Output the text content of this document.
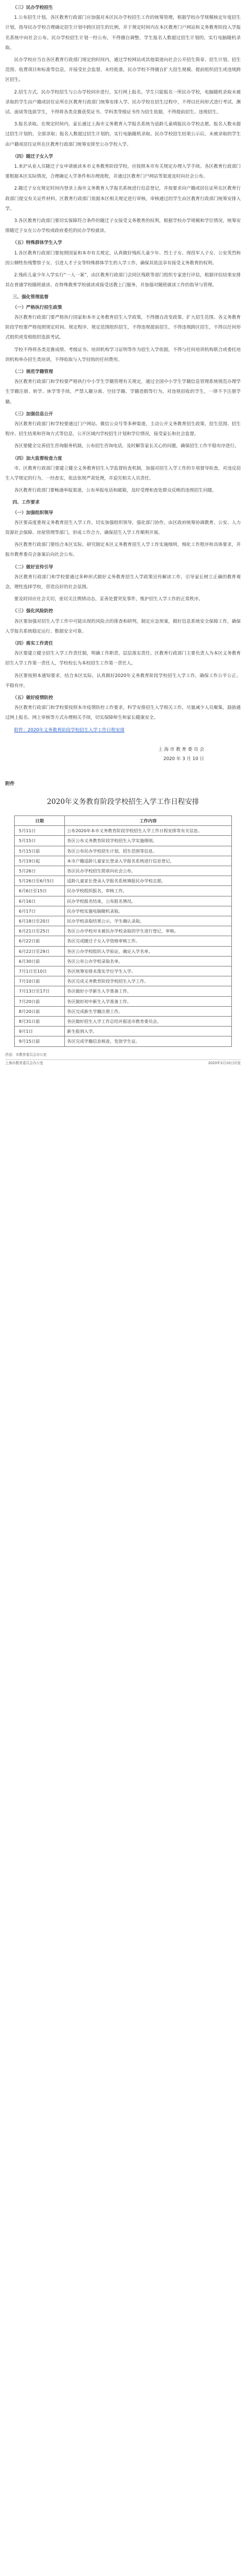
（三）民办学校招生

1.公布招生计划。各区教育行政部门应加强对本区民办学校招生工作的统筹管理，根据学校办学规模核定年度招生计划，指导民办学校合理确定招生计划中跨区招生的比例，并于规定时间内在本区教育门户网站和义务教育阶段入学报名系统中向社会公布。民办学校招生计划一经公布，不得擅自调整。学生报名人数超过招生计划的，实行电脑随机录取。

民办学校应当在各区教育行政部门规定的时间内，通过学校网站或其他渠道向社会公开招生简章、招生计划、招生范围、收费项目和标准等信息，并接受社会监督。未经批准，民办学校不得擅自扩大招生规模、提前组织招生或违规跨区招生。

2.招生方式。民办学校招生与公办学校同步进行，实行网上报名。学生只能报名一所民办学校，电脑随机录取未被录取的学生由户籍或居住证所在区教育行政部门统筹安排入学。民办学校在招生过程中，不得以任何形式进行考试、测试、面谈等选拔学生，不得将各类竞赛获奖证书、学科类等级证书作为招生依据，不得提前招生、违规招生。

3.报名录取。在规定时间内，家长通过上海市义务教育入学报名系统为适龄儿童填报民办学校志愿。报名人数未超过招生计划的，全部录取；报名人数超过招生计划的，实行电脑随机录取。民办学校招生结果公示后，未被录取的学生由户籍或居住证所在区教育行政部门统筹安排至公办学校入学。

（四）随迁子女入学

1.来沪从业人员随迁子女申请就读本市义务教育阶段学校，应按照本市有关规定办理入学手续。各区教育行政部门要根据本区实际情况，合理确定入学条件和办理流程，并通过区教育门户网站等渠道及时向社会公布。

2.随迁子女在规定时间内登录上海市义务教育入学报名系统进行信息登记，并按要求向户籍或居住证所在区教育行政部门提交有关证件材料。区教育行政部门依据本区相关规定进行审核，审核通过的学生由区教育行政部门统筹安排入学。

3.各区教育行政部门要切实保障符合条件的随迁子女接受义务教育的权利，根据学校办学规模和学位情况，统筹安排随迁子女在公办学校或政府委托的民办学校就读。

（五）特殊群体学生入学

1.各区教育行政部门要按照国家和本市有关规定，认真做好残疾儿童少年、烈士子女、现役军人子女、公安英烈和因公牺牲伤残警察子女、引进人才子女等特殊群体学生的入学工作，确保其依法享有接受义务教育的权利。

2.残疾儿童少年入学实行“一人一案”，由区教育行政部门会同区残联等部门组织专家进行评估，根据评估结果安排其在普通学校随班就读、在特殊教育学校就读或接受送教上门服务，并加强对随班就读工作的指导与管理。

三、强化管理监督

（一）严格执行招生政策

各区教育行政部门要严格执行国家和本市义务教育招生入学政策，不得擅自改变政策、扩大招生范围。各义务教育阶段学校要严格按照规定时间、规定程序、规定范围组织招生，不得违规提前招生，不得违规跨区招生，不得以任何形式组织或变相组织选拔考试。

学校不得将各类竞赛成绩、考级证书、培训机构学习证明等作为招生入学依据，不得与任何培训机构联合或委托培训机构举办招生类培训，不得收取与入学挂钩的任何费用。

（二）规范学籍管理

各区教育行政部门和学校要严格执行中小学生学籍管理有关规定，通过全国中小学生学籍信息管理系统规范办理学生学籍注册、转学、休学等手续，严禁人籍分离、空挂学籍、学籍造假等行为。对违规招收的学生，一律不予注册学籍。

（三）加强信息公开

各区教育行政部门和学校要通过门户网站、微信公众号等多种渠道，主动公开义务教育招生政策、招生范围、招生程序、招生结果和咨询方式等信息，公开区域内学校招生计划和学位情况，接受家长和社会监督。

各区要健全完善招生咨询服务机制，公布招生咨询电话，及时解答家长关心的问题，确保招生工作平稳有序进行。

（四）加大监督检查力度

市、区教育行政部门要建立健全义务教育招生入学监督检查机制，加强对招生入学工作的专项督导检查，对违反招生入学规定的行为，一经查实，依法依规严肃处理，并追究相关人员责任。

各区教育行政部门要畅通举报渠道，公布举报电话和邮箱，及时受理和查处群众反映的违规招生问题。

四、工作要求

（一）加强组织领导

各区要高度重视义务教育招生入学工作，切实加强组织领导，强化部门协作，由区政府统筹协调教育、公安、人力资源社会保障、房屋管理等部门，形成工作合力，确保招生入学工作顺利开展。

各区教育行政部门要结合本区实际，研究制定本区义务教育招生入学工作实施细则，细化工作程序和具体要求，并报市教育委员会备案后向社会公布。

（二）做好宣传引导

各区教育行政部门和学校要通过多种形式做好义务教育招生入学政策宣传解读工作，引导家长树立正确的教育观念，理性选择学校，营造良好的社会氛围。

要及时回应社会关切，密切关注舆情动态，妥善处置突发事件，维护招生入学工作的正常秩序。

（三）强化风险防控

各区要加强对招生入学工作中可能出现的风险点的排查和研判，制定应急预案，做好信息系统安全保障工作，确保入学报名系统稳定运行、数据安全可靠。

（四）落实工作责任

各区要建立健全招生入学工作责任制，明确工作职责，层层落实责任。区教育行政部门主要负责人为本区义务教育招生入学工作第一责任人，学校校长为本校招生工作第一责任人。

各区要按照本通知要求，结合本区实际，认真做好2020年义务教育阶段学校招生入学工作，确保工作公平公正、平稳有序。

（五）做好疫情防控

各区教育行政部门和学校要按照本市疫情防控工作要求，科学安排招生入学相关工作，尽量减少人员聚集，鼓励通过网上报名、网上审核等方式办理相关手续，切实保障师生和家长健康安全。

附件：2020年义务教育阶段学校招生入学工作日程安排

上 海 市 教 育 委 员 会
2020 年 3 月 10 日
附件
2020年义务教育阶段学校招生入学工作日程安排
日期	工作内容
5月11日	公布2020年本市义务教育阶段学校招生入学工作日程安排等有关信息。
5月15日	各区公布义务教育阶段学校招生入学实施细则。
5月15日前	各区公布民办学校招生计划、招生范围等信息。
5月19日起	本市户籍适龄儿童家长登录入学报名系统进行信息登记。
5月26日	各区民办学校招生简章向社会公布。
5月26日至6月5日	适龄儿童家长登录入学报名系统填报民办学校志愿。
6月6日至15日	民办学校组织报名、审核工作。
6月16日	民办学校报名结束，公布报名情况。
6月17日	民办学校实施电脑随机录取。
6月18日至20日	民办学校录取结果公示，学生确认录取。
6月21日至25日	各区公办学校对未被民办学校录取的学生进行登记、审核。
6月22日前	各区完成随迁子女入学资格审核工作。
6月22日至29日	各区公办学校组织入学验证，确定入学名单。
6月30日前	各区公布公办学校录取名单。
7月1日至10日	各区统筹安排未落实学位学生入学。
7月10日前	各区完成义务教育阶段学校招生入学工作。
7月13日至17日	各区做好小学新生入学准备工作。
7月20日前	各区做好初中新生入学准备工作。
8月20日前	各区完成新生学籍注册工作。
8月31日前	各区做好招生入学工作总结并报送市教育委员会。
9月1日	新生报到入学。
9月15日前	各区完成学籍信息核查，发放学生证。
抄送：市教育委员会办公室
上海市教育委员会办公室	2020年3月10日印发
